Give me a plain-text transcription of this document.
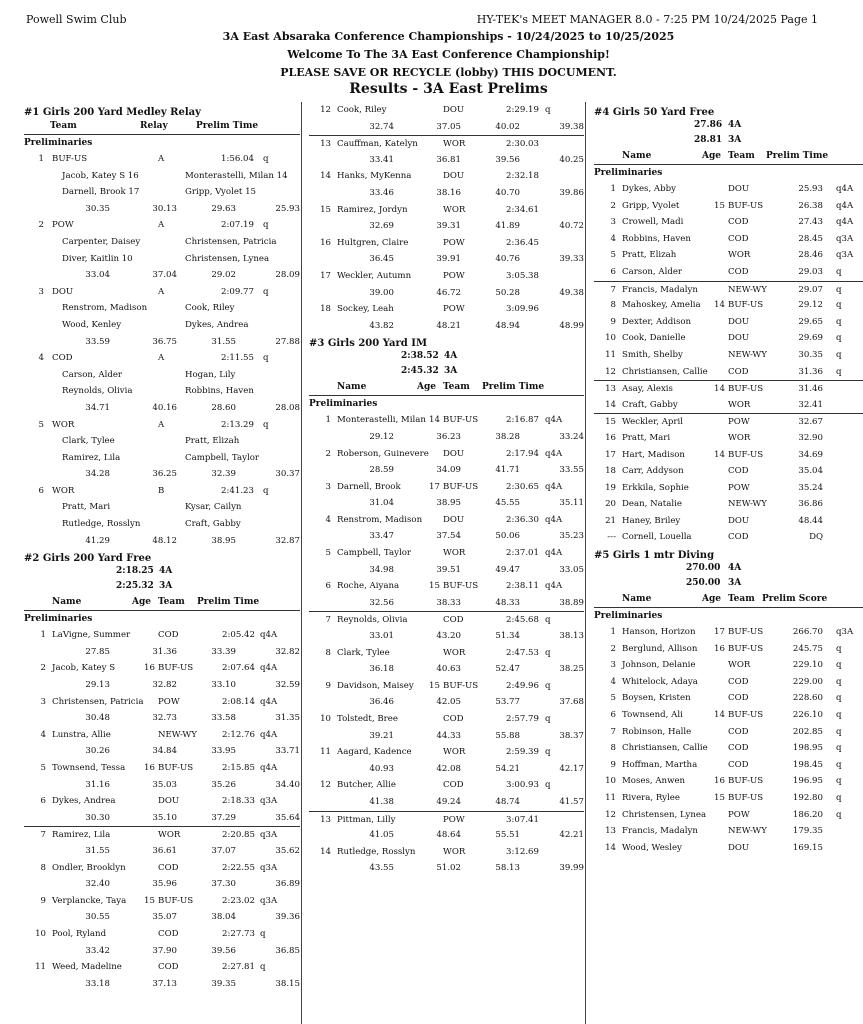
Powell Swim Club	HY-TEK's MEET MANAGER 8.0 - 7:25 PM 10/24/2025 Page 1
3A East Absaraka Conference Championships - 10/24/2025 to 10/25/2025
Welcome To The 3A East Conference Championship!
PLEASE SAVE OR RECYCLE (lobby) THIS DOCUMENT.
Results - 3A East Prelims
#1 Girls 200 Yard Medley Relay
Team	Relay	Prelim Time
Preliminaries
1 BUF-US	A	1:56.04 q
Jacob, Katey S 16	Monterastelli, Milan 14
Darnell, Brook 17	Gripp, Vyolet 15
30.35	30.13	29.63	25.93
2 POW	A	2:07.19 q
Carpenter, Daisey	Christensen, Patricia
Diver, Kaitlin 10	Christensen, Lynea
33.04	37.04	29.02	28.09
3 DOU	A	2:09.77 q
Renstrom, Madison	Cook, Riley
Wood, Kenley	Dykes, Andrea
33.59	36.75	31.55	27.88
4 COD	A	2:11.55 q
Carson, Alder	Hogan, Lily
Reynolds, Olivia	Robbins, Haven
34.71	40.16	28.60	28.08
5 WOR	A	2:13.29 q
Clark, Tylee	Pratt, Elizah
Ramirez, Lila	Campbell, Taylor
34.28	36.25	32.39	30.37
6 WOR	B	2:41.23 q
Pratt, Mari	Kysar, Cailyn
Rutledge, Rosslyn	Craft, Gabby
41.29	48.12	38.95	32.87
#2 Girls 200 Yard Free
2:18.25 4A
2:25.32 3A
Name	Age Team Prelim Time
Preliminaries
1 LaVigne, Summer	COD	2:05.42 q4A
27.85	31.36	33.39	32.82
2 Jacob, Katey S	16 BUF-US	2:07.64 q4A
29.13	32.82	33.10	32.59
3 Christensen, Patricia POW	2:08.14 q4A
30.48	32.73	33.58	31.35
4 Lunstra, Allie	NEW-WY	2:12.76 q4A
30.26	34.84	33.95	33.71
5 Townsend, Tessa 16 BUF-US	2:15.85 q4A
31.16	35.03	35.26	34.40
6 Dykes, Andrea	DOU	2:18.33 q3A
30.30	35.10	37.29	35.64
7 Ramirez, Lila	WOR	2:20.85 q3A
31.55	36.61	37.07	35.62
8 Ondler, Brooklyn	COD	2:22.55 q3A
32.40	35.96	37.30	36.89
9 Verplancke, Taya 15 BUF-US	2:23.02 q3A
30.55	35.07	38.04	39.36
10 Pool, Ryland	COD	2:27.73 q
33.42	37.90	39.56	36.85
11 Weed, Madeline	COD	2:27.81 q
33.18	37.13	39.35	38.15
12 Cook, Riley	DOU	2:29.19 q
32.74	37.05	40.02	39.38
13 Cauffman, Katelyn	WOR	2:30.03
33.41	36.81	39.56	40.25
14 Hanks, MyKenna	DOU	2:32.18
33.46	38.16	40.70	39.86
15 Ramirez, Jordyn	WOR	2:34.61
32.69	39.31	41.89	40.72
16 Hultgren, Claire	POW	2:36.45
36.45	39.91	40.76	39.33
17 Weckler, Autumn	POW	3:05.38
39.00	46.72	50.28	49.38
18 Sockey, Leah	POW	3:09.96
43.82	48.21	48.94	48.99
#3 Girls 200 Yard IM
2:38.52 4A
2:45.32 3A
Name	Age Team Prelim Time
Preliminaries
1 Monterastelli, Milan 14 BUF-US	2:16.87 q4A
29.12	36.23	38.28	33.24
2 Roberson, Guinevere DOU	2:17.94 q4A
28.59	34.09	41.71	33.55
3 Darnell, Brook	17 BUF-US	2:30.65 q4A
31.04	38.95	45.55	35.11
4 Renstrom, Madison DOU	2:36.30 q4A
33.47	37.54	50.06	35.23
5 Campbell, Taylor	WOR	2:37.01 q4A
34.98	39.51	49.47	33.05
6 Roche, Aiyana	15 BUF-US	2:38.11 q4A
32.56	38.33	48.33	38.89
7 Reynolds, Olivia	COD	2:45.68 q
33.01	43.20	51.34	38.13
8 Clark, Tylee	WOR	2:47.53 q
36.18	40.63	52.47	38.25
9 Davidson, Maisey 15 BUF-US	2:49.96 q
36.46	42.05	53.77	37.68
10 Tolstedt, Bree	COD	2:57.79 q
39.21	44.33	55.88	38.37
11 Aagard, Kadence	WOR	2:59.39 q
40.93	42.08	54.21	42.17
12 Butcher, Allie	COD	3:00.93 q
41.38	49.24	48.74	41.57
13 Pittman, Lilly	POW	3:07.41
41.05	48.64	55.51	42.21
14 Rutledge, Rosslyn	WOR	3:12.69
43.55	51.02	58.13	39.99
#4 Girls 50 Yard Free
27.86 4A
28.81 3A
Name	Age Team Prelim Time
Preliminaries
1 Dykes, Abby	DOU	25.93 q4A
2 Gripp, Vyolet	15 BUF-US	26.38 q4A
3 Crowell, Madi	COD	27.43 q4A
4 Robbins, Haven	COD	28.45 q3A
5 Pratt, Elizah	WOR	28.46 q3A
6 Carson, Alder	COD	29.03 q
7 Francis, Madalyn	NEW-WY	29.07 q
8 Mahoskey, Amelia 14 BUF-US	29.12 q
9 Dexter, Addison	DOU	29.65 q
10 Cook, Danielle	DOU	29.69 q
11 Smith, Shelby	NEW-WY	30.35 q
12 Christiansen, Callie COD	31.36 q
13 Asay, Alexis	14 BUF-US	31.46
14 Craft, Gabby	WOR	32.41
15 Weckler, April	POW	32.67
16 Pratt, Mari	WOR	32.90
17 Hart, Madison	14 BUF-US	34.69
18 Carr, Addyson	COD	35.04
19 Erkkila, Sophie	POW	35.24
20 Dean, Natalie	NEW-WY	36.86
21 Haney, Briley	DOU	48.44
--- Cornell, Louella	COD	DQ
#5 Girls 1 mtr Diving
270.00 4A
250.00 3A
Name	Age Team Prelim Score
Preliminaries
1 Hanson, Horizon 17 BUF-US	266.70 q3A
2 Berglund, Allison 16 BUF-US	245.75 q
3 Johnson, Delanie	WOR	229.10 q
4 Whitelock, Adaya	COD	229.00 q
5 Boysen, Kristen	COD	228.60 q
6 Townsend, Ali	14 BUF-US	226.10 q
7 Robinson, Halle	COD	202.85 q
8 Christiansen, Callie COD	198.95 q
9 Hoffman, Martha	COD	198.45 q
10 Moses, Anwen	16 BUF-US	196.95 q
11 Rivera, Rylee	15 BUF-US	192.80 q
12 Christensen, Lynea	POW	186.20 q
13 Francis, Madalyn	NEW-WY	179.35
14 Wood, Wesley	DOU	169.15
